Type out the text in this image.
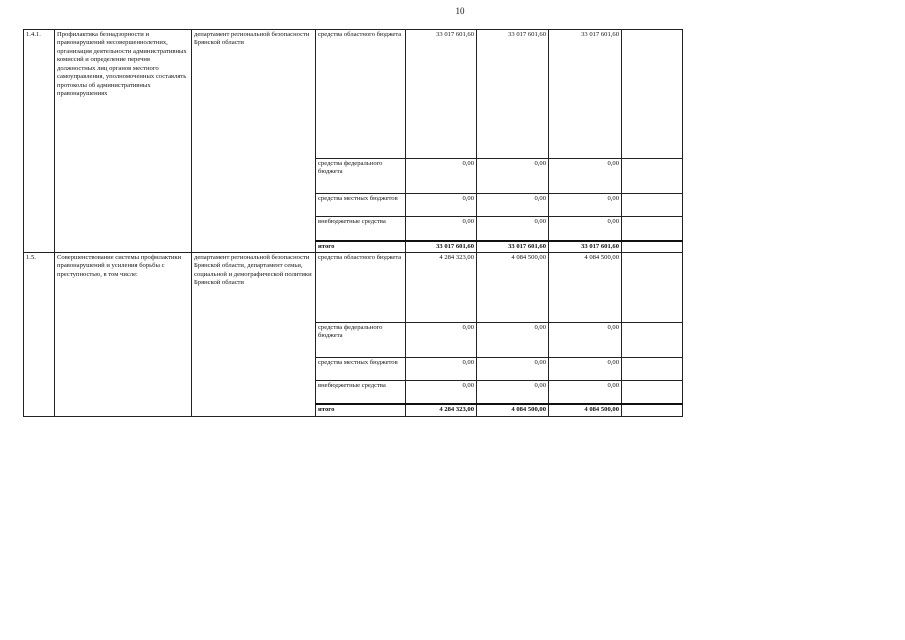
10
1.4.1.	Профилактика безнадзорности и правонарушений несовершеннолетних, организация деятельности административных комиссий и определение перечня должностных лиц органов местного самоуправления, уполномоченных составлять протоколы об административных правонарушениях	департамент региональной безопасности Брянской области	средства областного бюджета	33 017 601,60	33 017 601,60	33 017 601,60	
			средства федерального бюджета	0,00	0,00	0,00	
			средства местных бюджетов	0,00	0,00	0,00	
			внебюджетные средства	0,00	0,00	0,00	
			итого	33 017 601,60	33 017 601,60	33 017 601,60	
1.5.	Совершенствование системы профилактики правонарушений и усиления борьбы с преступностью, в том числе:	департамент региональной безопасности Брянской области, департамент семьи, социальной и демографической политики Брянской области	средства областного бюджета	4 284 323,00	4 084 500,00	4 084 500,00	
			средства федерального бюджета	0,00	0,00	0,00	
			средства местных бюджетов	0,00	0,00	0,00	
			внебюджетные средства	0,00	0,00	0,00	
			итого	4 284 323,00	4 084 500,00	4 084 500,00	
